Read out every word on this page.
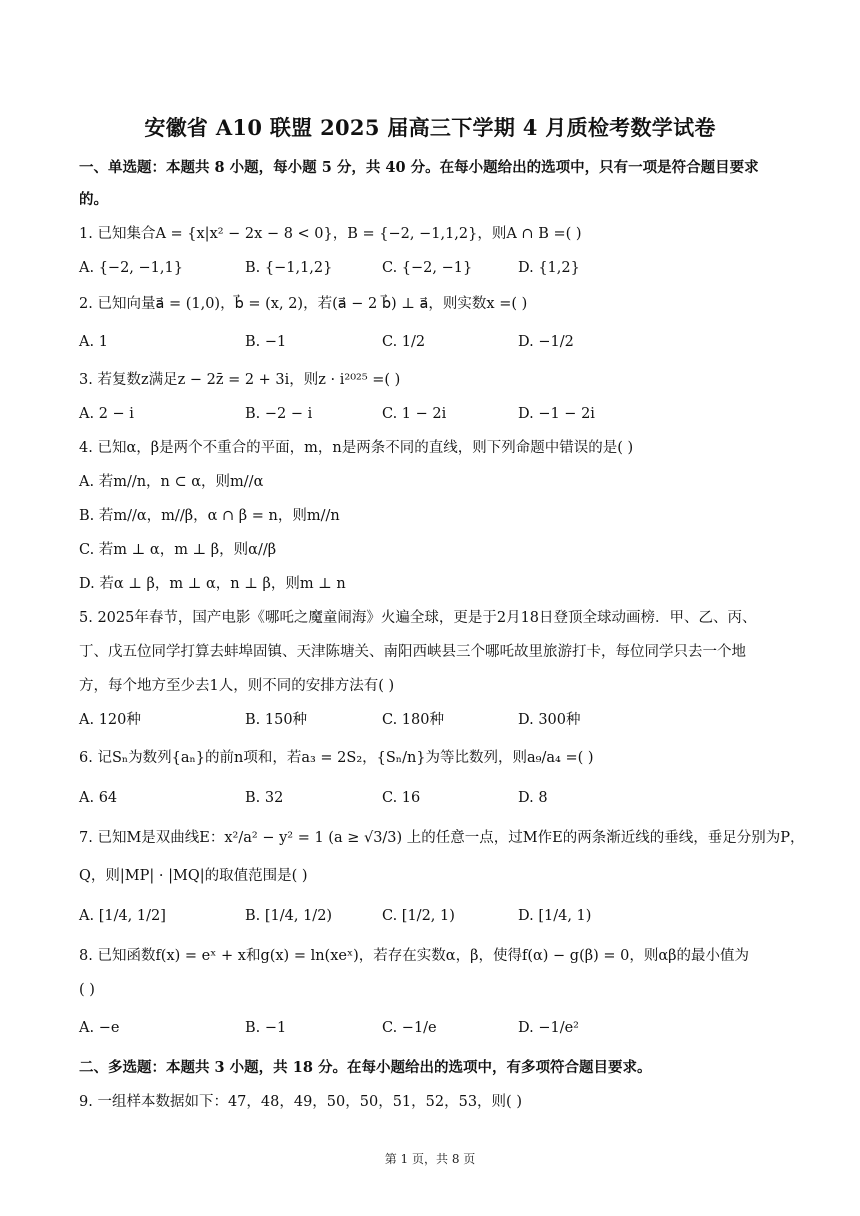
安徽省 A10 联盟 2025 届高三下学期 4 月质检考数学试卷
一、单选题：本题共 8 小题，每小题 5 分，共 40 分。在每小题给出的选项中，只有一项是符合题目要求
的。
1. 已知集合A = {x|x² − 2x − 8 < 0}，B = {−2, −1,1,2}，则A ∩ B =( )
A. {−2, −1,1}	B. {−1,1,2}	C. {−2, −1}	D. {1,2}
2. 已知向量a⃗ = (1,0)，b⃗ = (x, 2)，若(a⃗ − 2 b⃗) ⊥ a⃗，则实数x =( )
A. 1	B. −1	C. 1/2	D. −1/2
3. 若复数z满足z − 2z̄ = 2 + 3i，则z · i²⁰²⁵ =( )
A. 2 − i	B. −2 − i	C. 1 − 2i	D. −1 − 2i
4. 已知α，β是两个不重合的平面，m，n是两条不同的直线，则下列命题中错误的是( )
A. 若m//n，n ⊂ α，则m//α
B. 若m//α，m//β，α ∩ β = n，则m//n
C. 若m ⊥ α，m ⊥ β，则α//β
D. 若α ⊥ β，m ⊥ α，n ⊥ β，则m ⊥ n
5. 2025年春节，国产电影《哪吒之魔童闹海》火遍全球，更是于2月18日登顶全球动画榜．甲、乙、丙、
丁、戊五位同学打算去蚌埠固镇、天津陈塘关、南阳西峡县三个哪吒故里旅游打卡，每位同学只去一个地
方，每个地方至少去1人，则不同的安排方法有( )
A. 120种	B. 150种	C. 180种	D. 300种
6. 记Sₙ为数列{aₙ}的前n项和，若a₃ = 2S₂，{Sₙ/n}为等比数列，则a₉/a₄ =( )
A. 64	B. 32	C. 16	D. 8
7. 已知M是双曲线E：x²/a² − y² = 1 (a ≥ √3/3) 上的任意一点，过M作E的两条渐近线的垂线，垂足分别为P，
Q，则|MP| · |MQ|的取值范围是( )
A. [1/4, 1/2]	B. [1/4, 1/2)	C. [1/2, 1)	D. [1/4, 1)
8. 已知函数f(x) = eˣ + x和g(x) = ln(xeˣ)，若存在实数α，β，使得f(α) − g(β) = 0，则αβ的最小值为
( )
A. −e	B. −1	C. −1/e	D. −1/e²
二、多选题：本题共 3 小题，共 18 分。在每小题给出的选项中，有多项符合题目要求。
9. 一组样本数据如下：47，48，49，50，50，51，52，53，则( )
第 1 页，共 8 页
